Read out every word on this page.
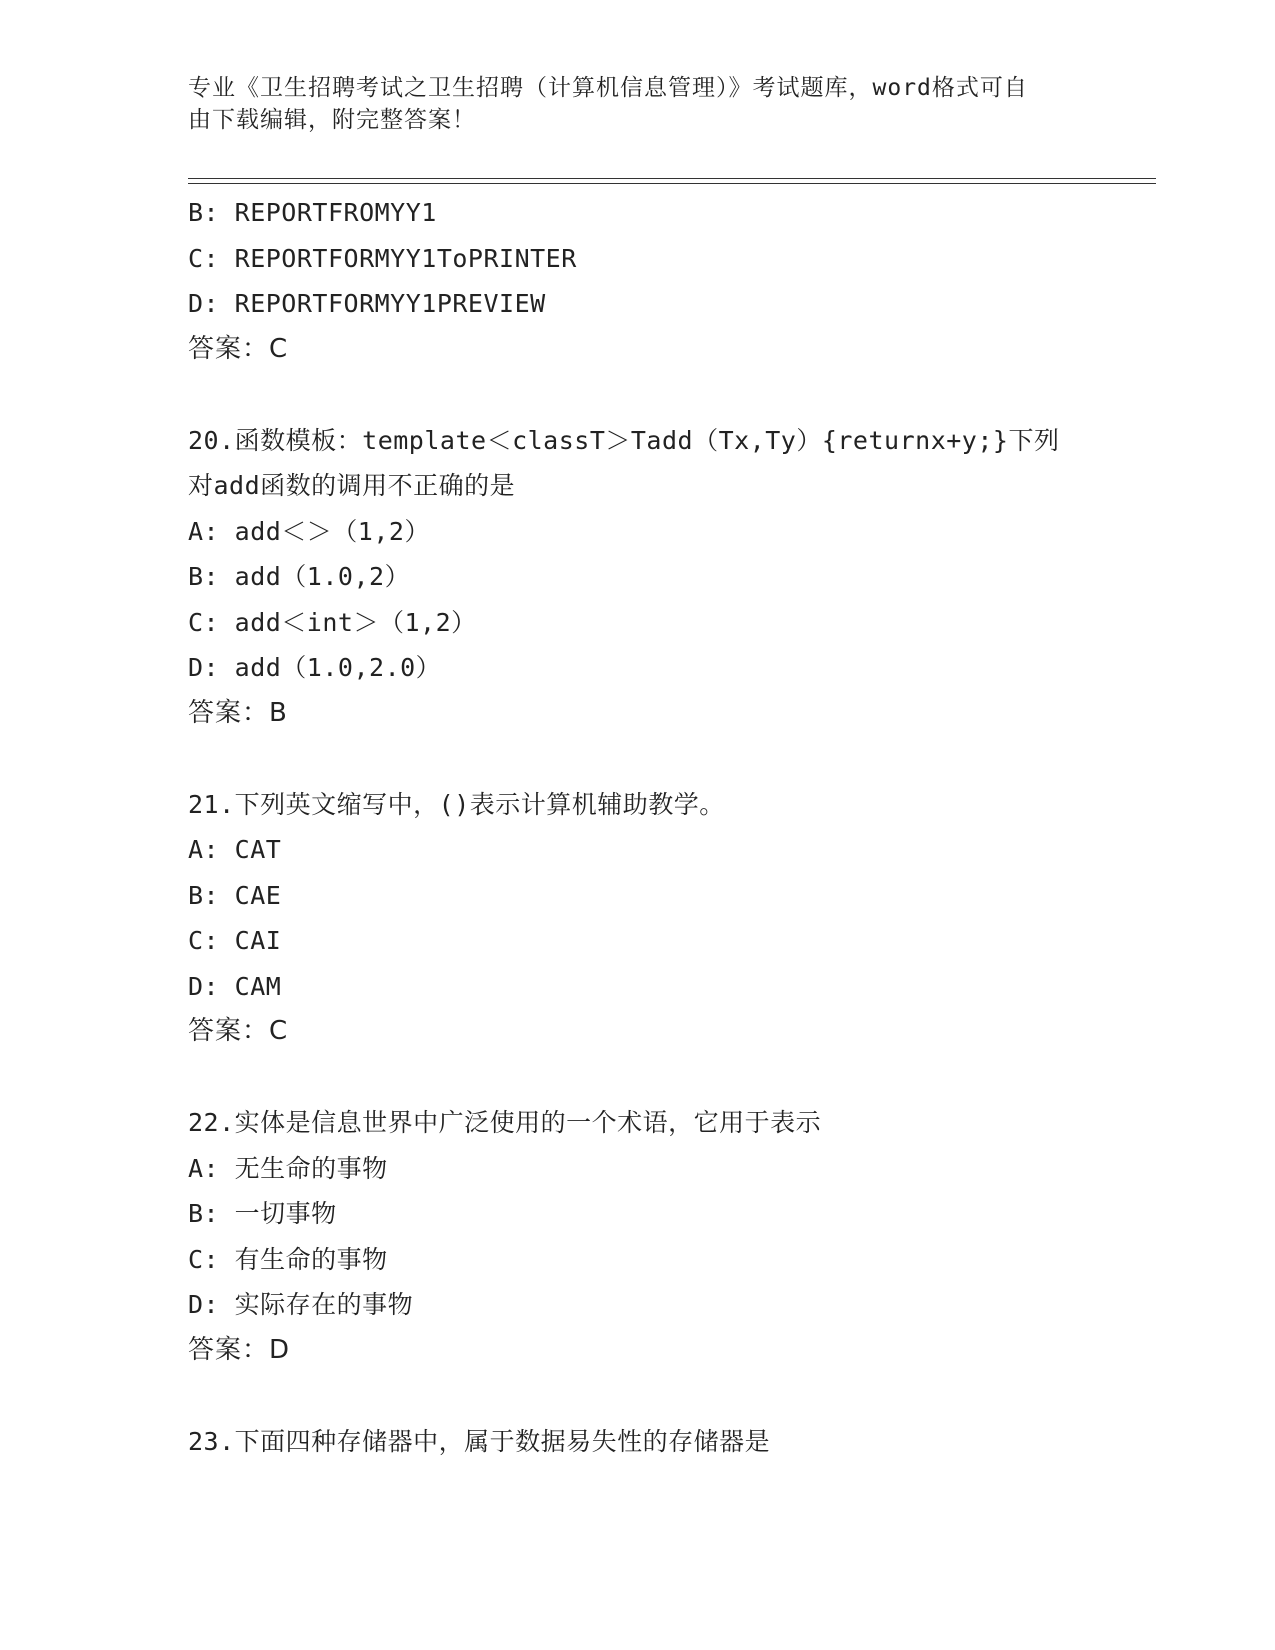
专业《卫生招聘考试之卫生招聘（计算机信息管理）》考试题库，word格式可自
由下载编辑，附完整答案！
B: REPORTFROMYY1
C: REPORTFORMYY1ToPRINTER
D: REPORTFORMYY1PREVIEW
答案：C
20.函数模板：template＜classT＞Tadd（Tx,Ty）{returnx+y;}下列
对add函数的调用不正确的是
A: add＜＞（1,2）
B: add（1.0,2）
C: add＜int＞（1,2）
D: add（1.0,2.0）
答案：B
21.下列英文缩写中，()表示计算机辅助教学。
A: CAT
B: CAE
C: CAI
D: CAM
答案：C
22.实体是信息世界中广泛使用的一个术语，它用于表示
A: 无生命的事物
B: 一切事物
C: 有生命的事物
D: 实际存在的事物
答案：D
23.下面四种存储器中，属于数据易失性的存储器是
